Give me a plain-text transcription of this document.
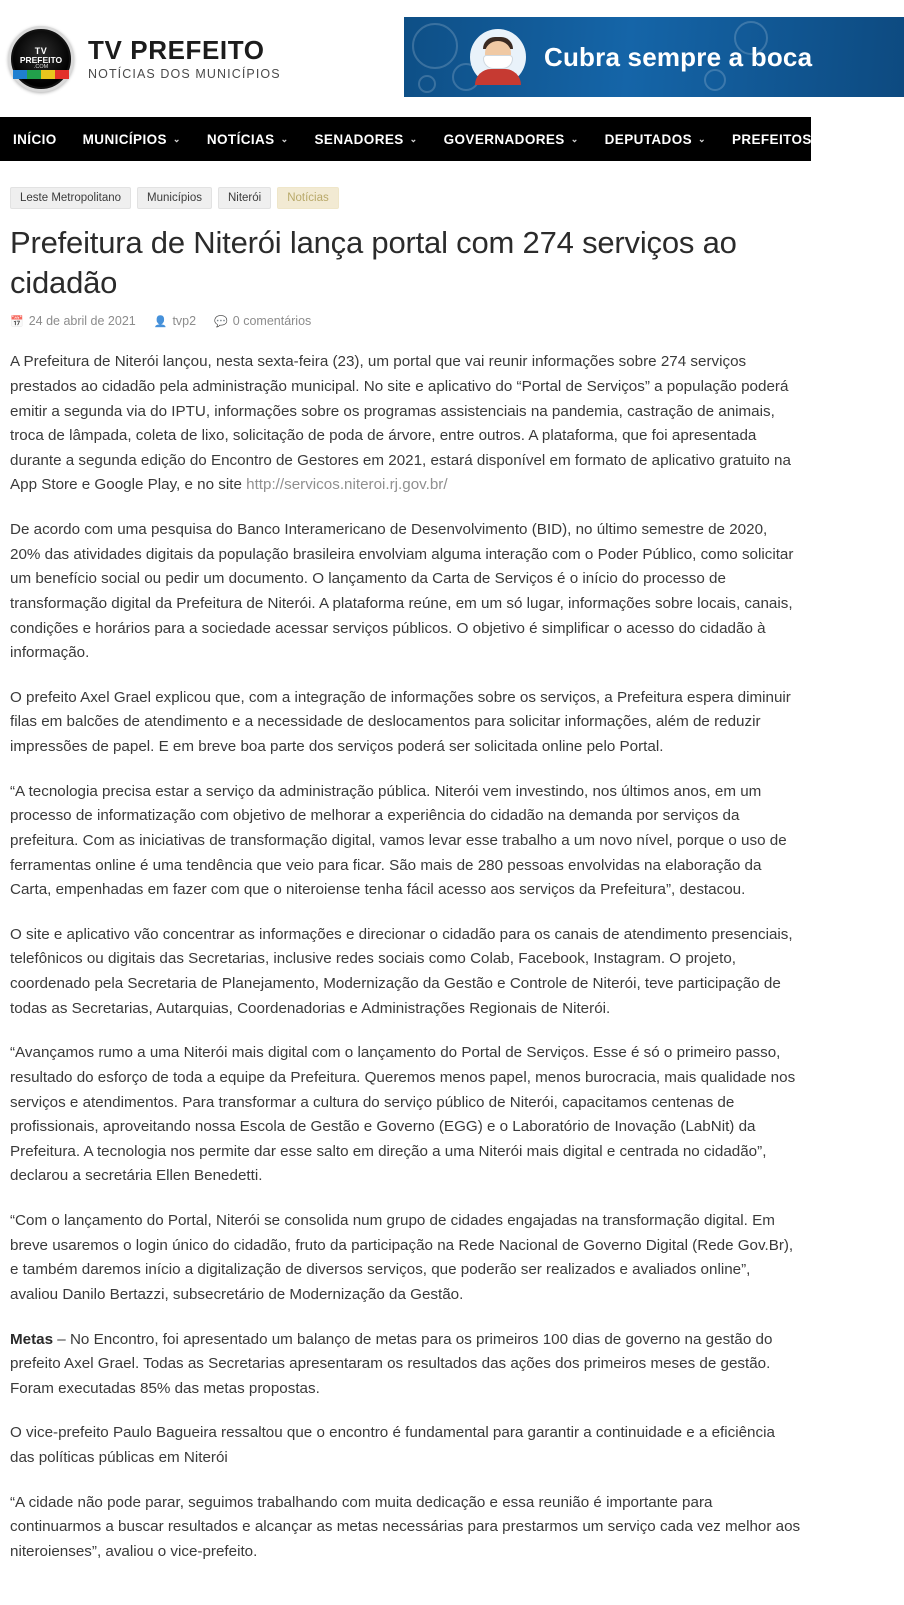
TV
PREFEITO
.COM
TV PREFEITO
NOTÍCIAS DOS MUNICÍPIOS
Cubra sempre a boca
INÍCIO MUNICÍPIOS ⌄ NOTÍCIAS ⌄ SENADORES ⌄ GOVERNADORES ⌄ DEPUTADOS ⌄ PREFEITOS ⌄ V
Leste Metropolitano	Municípios	Niterói	Notícias
Prefeitura de Niterói lança portal com 274 serviços ao cidadão
📅 24 de abril de 2021 👤 tvp2 💬 0 comentários

A Prefeitura de Niterói lançou, nesta sexta-feira (23), um portal que vai reunir informações sobre 274 serviços prestados ao cidadão pela administração municipal. No site e aplicativo do “Portal de Serviços” a população poderá emitir a segunda via do IPTU, informações sobre os programas assistenciais na pandemia, castração de animais, troca de lâmpada, coleta de lixo, solicitação de poda de árvore, entre outros. A plataforma, que foi apresentada durante a segunda edição do Encontro de Gestores em 2021, estará disponível em formato de aplicativo gratuito na App Store e Google Play, e no site http://servicos.niteroi.rj.gov.br/

De acordo com uma pesquisa do Banco Interamericano de Desenvolvimento (BID), no último semestre de 2020, 20% das atividades digitais da população brasileira envolviam alguma interação com o Poder Público, como solicitar um benefício social ou pedir um documento. O lançamento da Carta de Serviços é o início do processo de transformação digital da Prefeitura de Niterói. A plataforma reúne, em um só lugar, informações sobre locais, canais, condições e horários para a sociedade acessar serviços públicos. O objetivo é simplificar o acesso do cidadão à informação.

O prefeito Axel Grael explicou que, com a integração de informações sobre os serviços, a Prefeitura espera diminuir filas em balcões de atendimento e a necessidade de deslocamentos para solicitar informações, além de reduzir impressões de papel. E em breve boa parte dos serviços poderá ser solicitada online pelo Portal.

“A tecnologia precisa estar a serviço da administração pública. Niterói vem investindo, nos últimos anos, em um processo de informatização com objetivo de melhorar a experiência do cidadão na demanda por serviços da prefeitura. Com as iniciativas de transformação digital, vamos levar esse trabalho a um novo nível, porque o uso de ferramentas online é uma tendência que veio para ficar. São mais de 280 pessoas envolvidas na elaboração da Carta, empenhadas em fazer com que o niteroiense tenha fácil acesso aos serviços da Prefeitura”, destacou.

O site e aplicativo vão concentrar as informações e direcionar o cidadão para os canais de atendimento presenciais, telefônicos ou digitais das Secretarias, inclusive redes sociais como Colab, Facebook, Instagram. O projeto, coordenado pela Secretaria de Planejamento, Modernização da Gestão e Controle de Niterói, teve participação de todas as Secretarias, Autarquias, Coordenadorias e Administrações Regionais de Niterói.

“Avançamos rumo a uma Niterói mais digital com o lançamento do Portal de Serviços. Esse é só o primeiro passo, resultado do esforço de toda a equipe da Prefeitura. Queremos menos papel, menos burocracia, mais qualidade nos serviços e atendimentos. Para transformar a cultura do serviço público de Niterói, capacitamos centenas de profissionais, aproveitando nossa Escola de Gestão e Governo (EGG) e o Laboratório de Inovação (LabNit) da Prefeitura. A tecnologia nos permite dar esse salto em direção a uma Niterói mais digital e centrada no cidadão”, declarou a secretária Ellen Benedetti.

“Com o lançamento do Portal, Niterói se consolida num grupo de cidades engajadas na transformação digital. Em breve usaremos o login único do cidadão, fruto da participação na Rede Nacional de Governo Digital (Rede Gov.Br), e também daremos início a digitalização de diversos serviços, que poderão ser realizados e avaliados online”, avaliou Danilo Bertazzi, subsecretário de Modernização da Gestão.

Metas – No Encontro, foi apresentado um balanço de metas para os primeiros 100 dias de governo na gestão do prefeito Axel Grael. Todas as Secretarias apresentaram os resultados das ações dos primeiros meses de gestão. Foram executadas 85% das metas propostas.

O vice-prefeito Paulo Bagueira ressaltou que o encontro é fundamental para garantir a continuidade e a eficiência das políticas públicas em Niterói

“A cidade não pode parar, seguimos trabalhando com muita dedicação e essa reunião é importante para continuarmos a buscar resultados e alcançar as metas necessárias para prestarmos um serviço cada vez melhor aos niteroienses”, avaliou o vice-prefeito.
